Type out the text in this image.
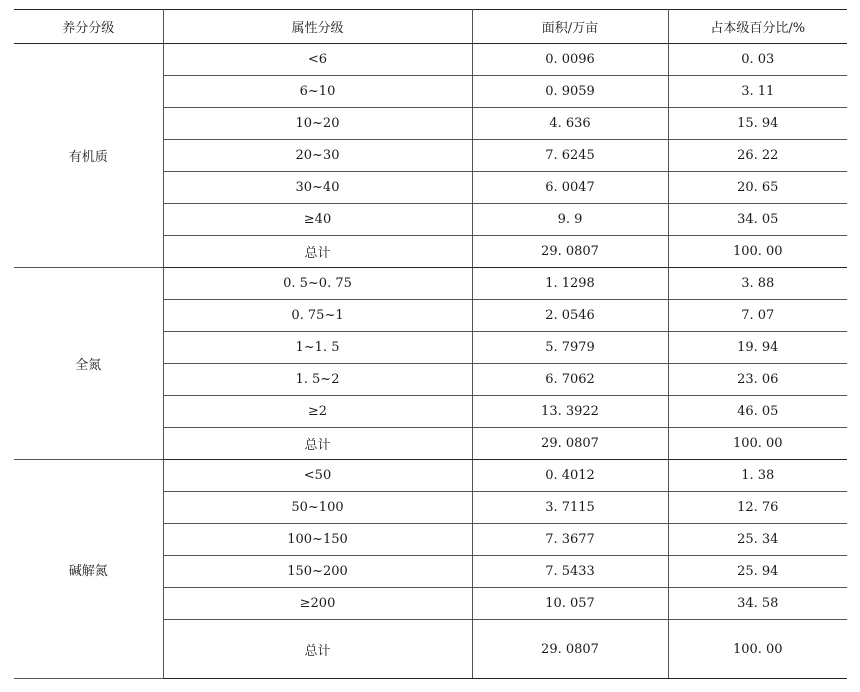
养分分级	属性分级	面积/万亩	占本级百分比/%
有机质	<6	0. 0096	0. 03
	6~10	0. 9059	3. 11
	10~20	4. 636	15. 94
	20~30	7. 6245	26. 22
	30~40	6. 0047	20. 65
	≥40	9. 9	34. 05
	总计	29. 0807	100. 00
全氮	0. 5~0. 75	1. 1298	3. 88
	0. 75~1	2. 0546	7. 07
	1~1. 5	5. 7979	19. 94
	1. 5~2	6. 7062	23. 06
	≥2	13. 3922	46. 05
	总计	29. 0807	100. 00
碱解氮	<50	0. 4012	1. 38
	50~100	3. 7115	12. 76
	100~150	7. 3677	25. 34
	150~200	7. 5433	25. 94
	≥200	10. 057	34. 58
	总计	29. 0807	100. 00
